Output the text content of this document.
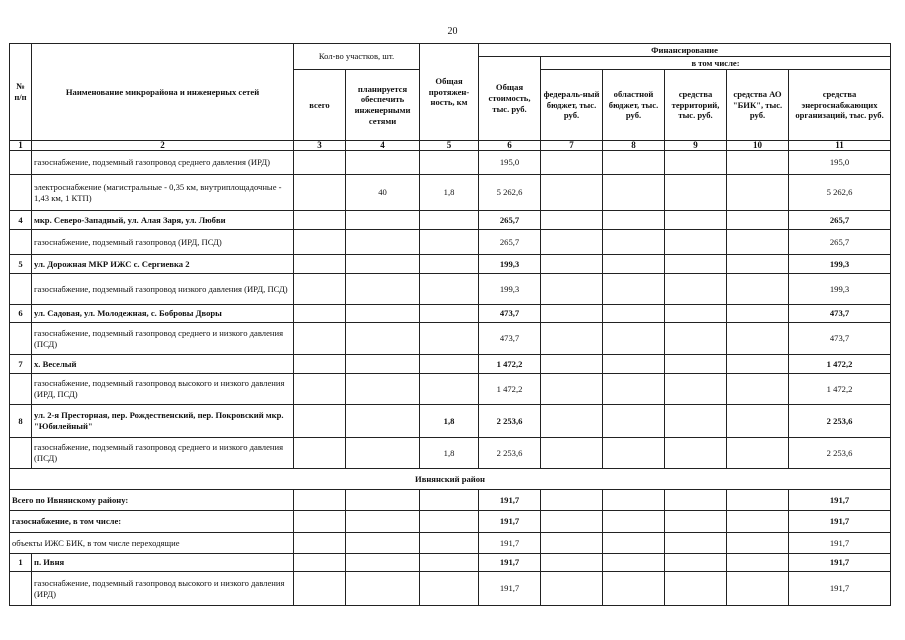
20
№ п/п	Наименование микрорайона и инженерных сетей	Кол-во участков, шт.		Общая протяжен-ность, км	Финансирование					
					Общая стоимость, тыс. руб.	в том числе:				
		всего	планируется обеспечить инженерными сетями			федераль-ный бюджет, тыс. руб.	областной бюджет, тыс. руб.	средства территорий, тыс. руб.	средства АО "БИК", тыс. руб.	средства энергоснабжающих организаций, тыс. руб.
1	2	3	4	5	6	7	8	9	10	11
	газоснабжение, подземный газопровод среднего давления (ИРД)				195,0					195,0
	электроснабжение (магистральные - 0,35 км, внутриплощадочные - 1,43 км, 1 КТП)		40	1,8	5 262,6					5 262,6
4	мкр. Северо-Западный, ул. Алая Заря, ул. Любви				265,7					265,7
	газоснабжение, подземный газопровод (ИРД, ПСД)				265,7					265,7
5	ул. Дорожная МКР ИЖС с. Сергиевка 2				199,3					199,3
	газоснабжение, подземный газопровод низкого давления (ИРД, ПСД)				199,3					199,3
6	ул. Садовая, ул. Молодежная, с. Бобровы Дворы				473,7					473,7
	газоснабжение, подземный газопровод среднего и низкого давления (ПСД)				473,7					473,7
7	х. Веселый				1 472,2					1 472,2
	газоснабжение, подземный газопровод высокого и низкого давления (ИРД, ПСД)				1 472,2					1 472,2
8	ул. 2-я Престорная, пер. Рождественский, пер. Покровский мкр. "Юбилейный"			1,8	2 253,6					2 253,6
	газоснабжение, подземный газопровод среднего и низкого давления (ПСД)			1,8	2 253,6					2 253,6
Ивнянский район										
Всего по Ивнянскому району:					191,7					191,7
газоснабжение, в том числе:					191,7					191,7
объекты ИЖС БИК, в том числе переходящие					191,7					191,7
1	п. Ивня				191,7					191,7
	газоснабжение, подземный газопровод высокого и низкого давления (ИРД)				191,7					191,7
